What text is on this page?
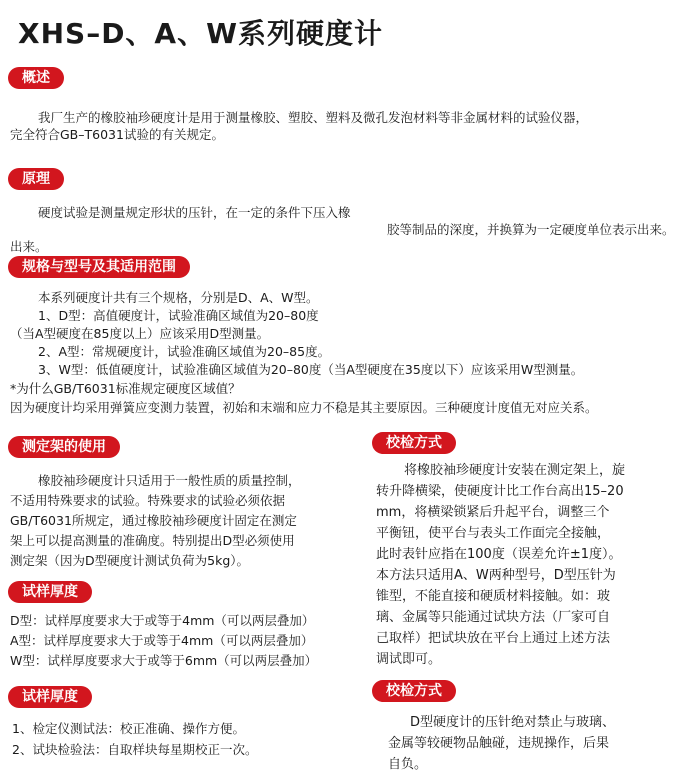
XHS–D、A、W系列硬度计
概述
我厂生产的橡胶袖珍硬度计是用于测量橡胶、塑胶、塑料及微孔发泡材料等非金属材料的试验仪器，
完全符合GB–T6031试验的有关规定。
原理
硬度试验是测量规定形状的压针，在一定的条件下压入橡
胶等制品的深度，并换算为一定硬度单位表示出来。
出来。
规格与型号及其适用范围
本系列硬度计共有三个规格，分别是D、A、W型。
1、D型：高值硬度计，试验准确区域值为20–80度
（当A型硬度在85度以上）应该采用D型测量。
2、A型：常规硬度计，试验准确区域值为20–85度。
3、W型：低值硬度计，试验准确区域值为20–80度（当A型硬度在35度以下）应该采用W型测量。
*为什么GB/T6031标准规定硬度区域值？
因为硬度计均采用弹簧应变测力装置，初始和末端和应力不稳是其主要原因。三种硬度计度值无对应关系。
测定架的使用
橡胶袖珍硬度计只适用于一般性质的质量控制，
不适用特殊要求的试验。特殊要求的试验必须依据
GB/T6031所规定，通过橡胶袖珍硬度计固定在测定
架上可以提高测量的准确度。特别提出D型必须使用
测定架（因为D型硬度计测试负荷为5kg）。
试样厚度
D型：试样厚度要求大于或等于4mm（可以两层叠加）
A型：试样厚度要求大于或等于4mm（可以两层叠加）
W型：试样厚度要求大于或等于6mm（可以两层叠加）
试样厚度
1、检定仪测试法：校正准确、操作方便。
2、试块检验法：自取样块每星期校正一次。
校检方式
将橡胶袖珍硬度计安装在测定架上，旋
转升降横梁，使硬度计比工作台高出15–20
mm，将横梁锁紧后升起平台，调整三个
平衡钮，使平台与表头工作面完全接触，
此时表针应指在100度（误差允许±1度）。
本方法只适用A、W两种型号，D型压针为
锥型，不能直接和硬质材料接触。如：玻
璃、金属等只能通过试块方法（厂家可自
己取样）把试块放在平台上通过上述方法
调试即可。
校检方式
D型硬度计的压针绝对禁止与玻璃、
金属等较硬物品触碰，违规操作，后果
自负。
